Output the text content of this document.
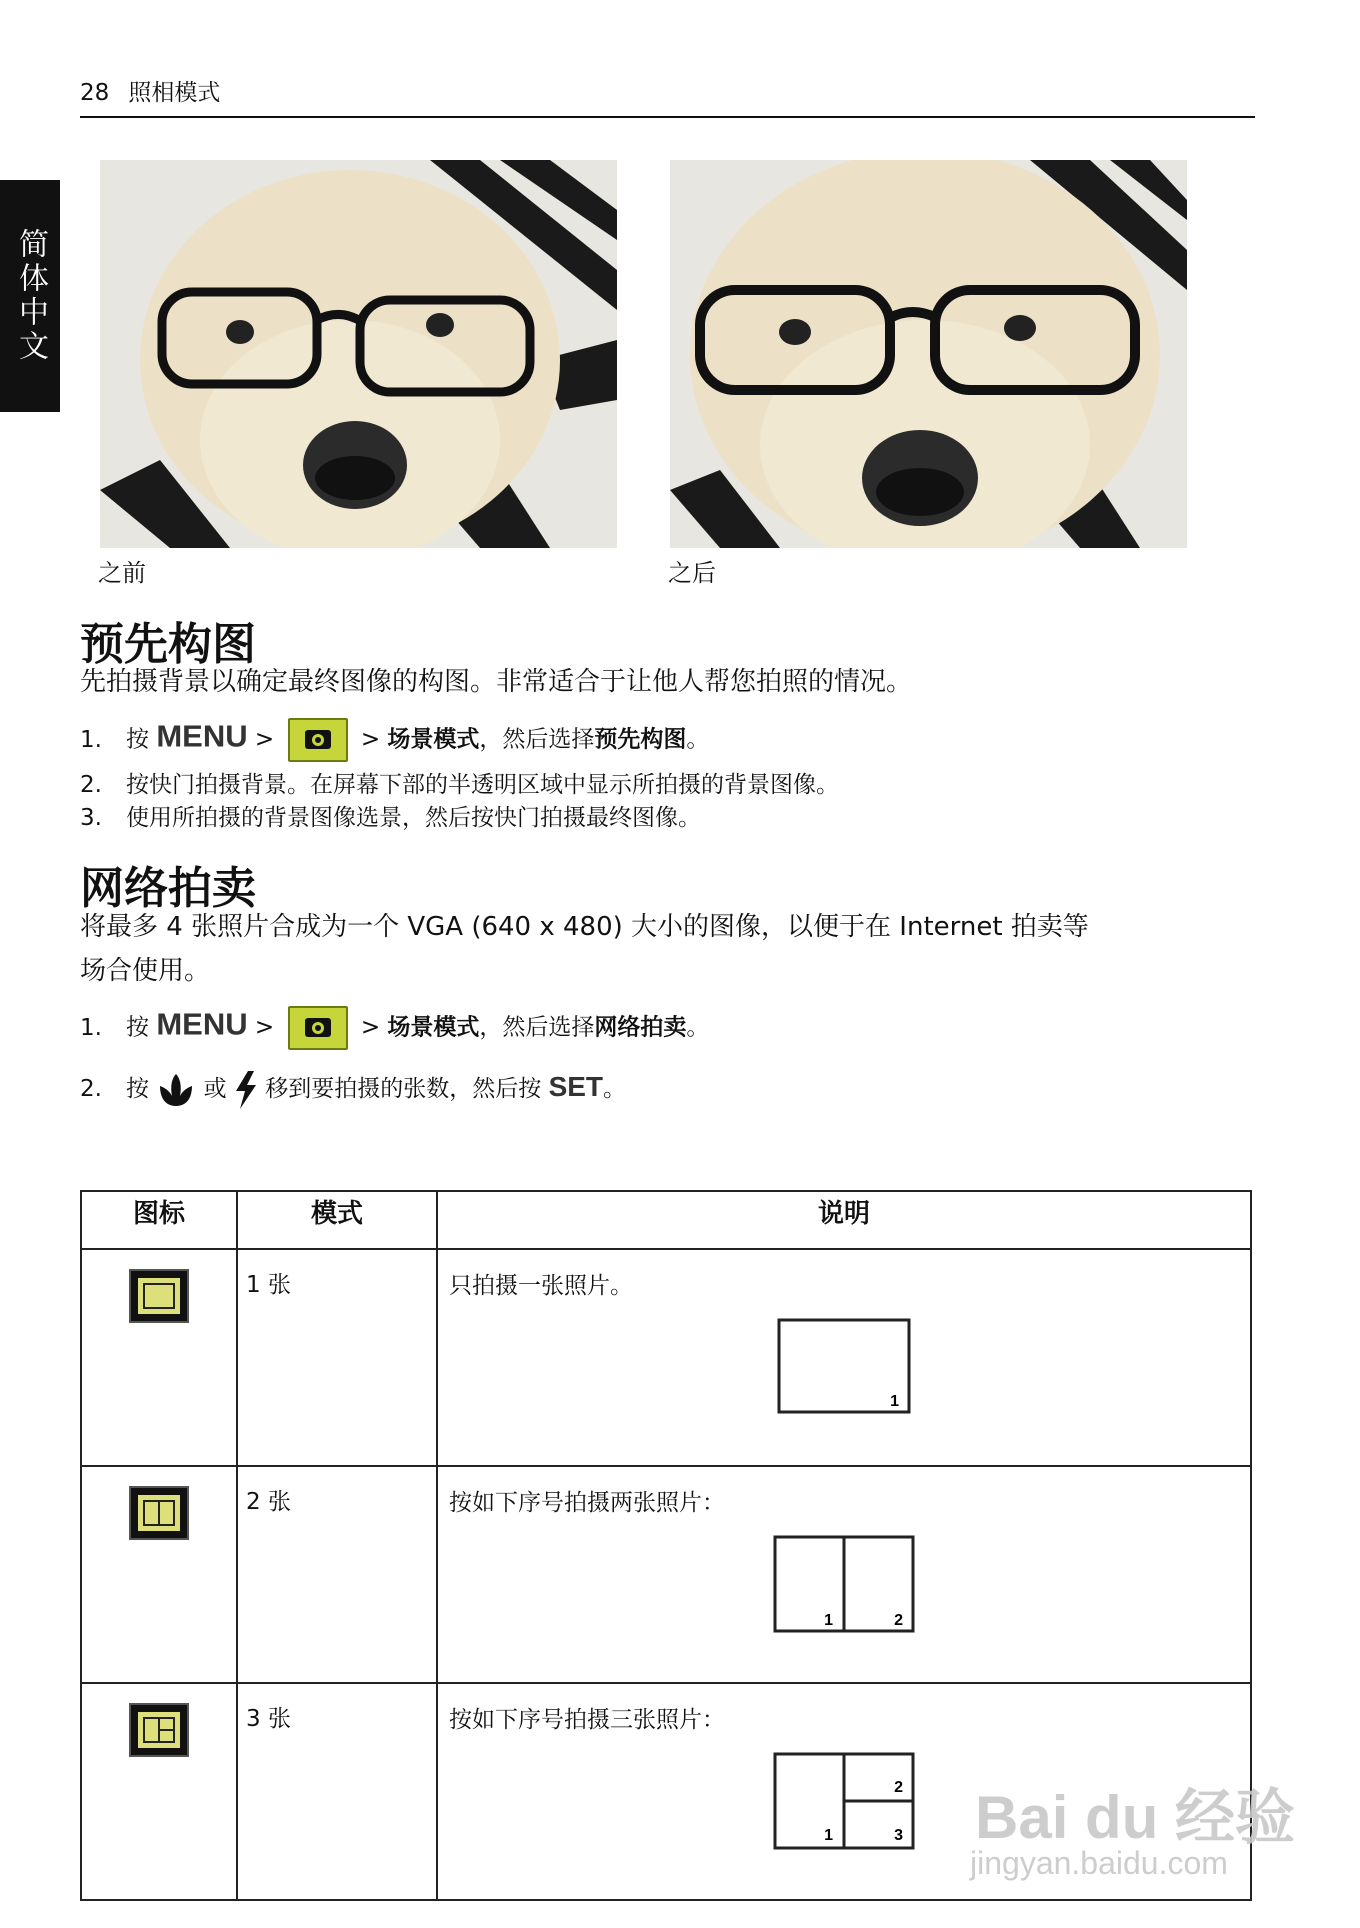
28 照相模式
简体中文
之前	之后
预先构图
先拍摄背景以确定最终图像的构图。非常适合于让他人帮您拍照的情况。
1. 按 MENU >	> 场景模式，然后选择预先构图。
2. 按快门拍摄背景。在屏幕下部的半透明区域中显示所拍摄的背景图像。
3. 使用所拍摄的背景图像选景，然后按快门拍摄最终图像。
网络拍卖
将最多 4 张照片合成为一个 VGA (640 x 480) 大小的图像，以便于在 Internet 拍卖等
场合使用。
1. 按 MENU >	> 场景模式，然后选择网络拍卖。
2. 按 或 移到要拍摄的张数，然后按 SET。
图标	模式	说明

	1 张	只拍摄一张照片。
1

	2 张	按如下序号拍摄两张照片：
1 2

	3 张	按如下序号拍摄三张照片：
1
2
3 Bai du 经验
jingyan.baidu.com
